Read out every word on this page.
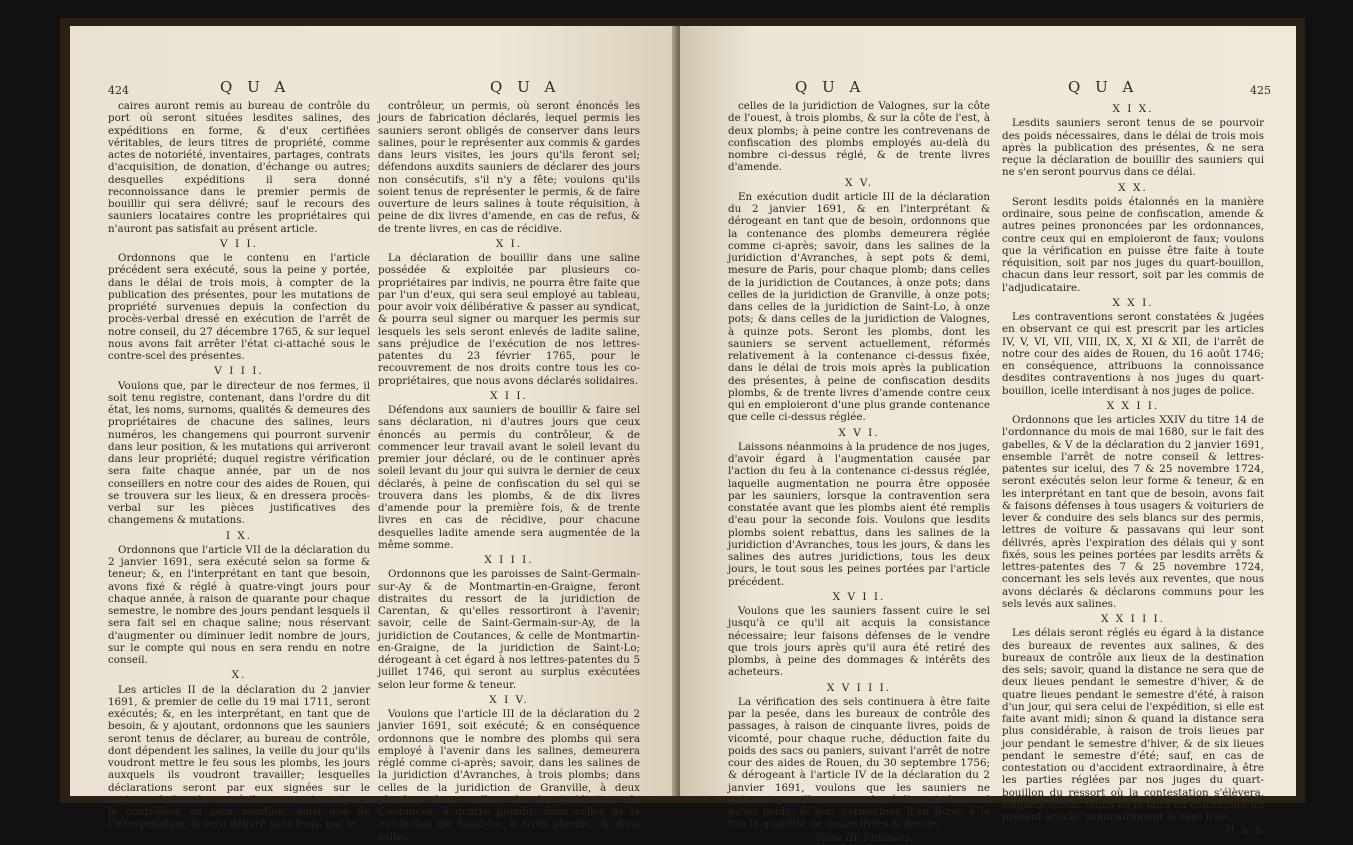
424	Q U A	Q U A

caires auront remis au bureau de contrôle du port où seront situées lesdites salines, des expéditions en forme, & d'eux certifiées véritables, de leurs titres de propriété, comme actes de notoriété, inventaires, partages, contrats d'acquisition, de donation, d'échange ou autres; desquelles expéditions il sera donné reconnoissance dans le premier permis de bouillir qui sera délivré; sauf le recours des sauniers locataires contre les propriétaires qui n'auront pas satisfait au présent article.

V I I.

Ordonnons que le contenu en l'article précédent sera exécuté, sous la peine y portée, dans le délai de trois mois, à compter de la publication des présentes, pour les mutations de propriété survenues depuis la confection du procès-verbal dressé en exécution de l'arrêt de notre conseil, du 27 décembre 1765, & sur lequel nous avons fait arrêter l'état ci-attaché sous le contre-scel des présentes.

V I I I.

Voulons que, par le directeur de nos fermes, il soit tenu registre, contenant, dans l'ordre du dit état, les noms, surnoms, qualités & demeures des propriétaires de chacune des salines, leurs numéros, les changemens qui pourront survenir dans leur position, & les mutations qui arriveront dans leur propriété; duquel registre vérification sera faite chaque année, par un de nos conseillers en notre cour des aides de Rouen, qui se trouvera sur les lieux, & en dressera procès-verbal sur les pièces justificatives des changemens & mutations.

I X.

Ordonnons que l'article VII de la déclaration du 2 janvier 1691, sera exécuté selon sa forme & teneur; &, en l'interprétant en tant que besoin, avons fixé & réglé à quatre-vingt jours pour chaque année, à raison de quarante pour chaque semestre, le nombre des jours pendant lesquels il sera fait sel en chaque saline; nous réservant d'augmenter ou diminuer ledit nombre de jours, sur le compte qui nous en sera rendu en notre conseil.

X.

Les articles II de la déclaration du 2 janvier 1691, & premier de celle du 19 mai 1711, seront exécutés; &, en les interprétant, en tant que de besoin, & y ajoutant, ordonnons que les sauniers seront tenus de déclarer, au bureau de contrôle, dont dépendent les salines, la veille du jour qu'ils voudront mettre le feu sous les plombs, les jours auxquels ils voudront travailler; lesquelles déclarations seront par eux signées sur le registre; & dans le cas où ils ne sauroient signer, le contrôleur en sera mention, ainsi que de l'interpellation; & sera délivré sans frais, par le

contrôleur, un permis, où seront énoncés les jours de fabrication déclarés, lequel permis les sauniers seront obligés de conserver dans leurs salines, pour le représenter aux commis & gardes dans leurs visites, les jours qu'ils feront sel; défendons auxdits sauniers de déclarer des jours non consécutifs, s'il n'y a fête; voulons qu'ils soient tenus de représenter le permis, & de faire ouverture de leurs salines à toute réquisition, à peine de dix livres d'amende, en cas de refus, & de trente livres, en cas de récidive.

X I.

La déclaration de bouillir dans une saline possédée & exploitée par plusieurs co-propriétaires par indivis, ne pourra être faite que par l'un d'eux, qui sera seul employé au tableau, pour avoir voix délibérative & passer au syndicat, & pourra seul signer ou marquer les permis sur lesquels les sels seront enlevés de ladite saline, sans préjudice de l'exécution de nos lettres-patentes du 23 février 1765, pour le recouvrement de nos droits contre tous les co-propriétaires, que nous avons déclarés solidaires.

X I I.

Défendons aux sauniers de bouillir & faire sel sans déclaration, ni d'autres jours que ceux énoncés au permis du contrôleur, & de commencer leur travail avant le soleil levant du premier jour déclaré, ou de le continuer après soleil levant du jour qui suivra le dernier de ceux déclarés, à peine de confiscation du sel qui se trouvera dans les plombs, & de dix livres d'amende pour la première fois, & de trente livres en cas de récidive, pour chacune desquelles ladite amende sera augmentée de la même somme.

X I I I.

Ordonnons que les paroisses de Saint-Germain-sur-Ay & de Montmartin-en-Graigne, feront distraites du ressort de la juridiction de Carentan, & qu'elles ressortiront à l'avenir; savoir, celle de Saint-Germain-sur-Ay, de la juridiction de Coutances, & celle de Montmartin-en-Graigne, de la juridiction de Saint-Lo; dérogeant à cet égard à nos lettres-patentes du 5 juillet 1746, qui seront au surplus exécutées selon leur forme & teneur.

X I V.

Voulons que l'article III de la déclaration du 2 janvier 1691, soit exécuté; & en conséquence ordonnons que le nombre des plombs qui sera employé à l'avenir dans les salines, demeurera réglé comme ci-après; savoir, dans les salines de la juridiction d'Avranches, à trois plombs; dans celles de la juridiction de Granville, à deux plombs; dans celles de la juridiction de Coutances, à quatre plombs; dans celles de la juridiction de Saint-Lo, à trois plombs; & dans celles

Q U A	Q U A	425

celles de la juridiction de Valognes, sur la côte de l'ouest, à trois plombs, & sur la côte de l'est, à deux plombs; à peine contre les contrevenans de confiscation des plombs employés au-delà du nombre ci-dessus réglé, & de trente livres d'amende.

X V.

En exécution dudit article III de la déclaration du 2 janvier 1691, & en l'interprétant & dérogeant en tant que de besoin, ordonnons que la contenance des plombs demeurera réglée comme ci-après; savoir, dans les salines de la juridiction d'Avranches, à sept pots & demi, mesure de Paris, pour chaque plomb; dans celles de la juridiction de Coutances, à onze pots; dans celles de la juridiction de Granville, à onze pots; dans celles de la juridiction de Saint-Lo, à onze pots; & dans celles de la juridiction de Valognes, à quinze pots. Seront les plombs, dont les sauniers se servent actuellement, réformés relativement à la contenance ci-dessus fixée, dans le délai de trois mois après la publication des présentes, à peine de confiscation desdits plombs, & de trente livres d'amende contre ceux qui en emploieront d'une plus grande contenance que celle ci-dessus réglée.

X V I.

Laissons néanmoins à la prudence de nos juges, d'avoir égard à l'augmentation causée par l'action du feu à la contenance ci-dessus réglée, laquelle augmentation ne pourra être opposée par les sauniers, lorsque la contravention sera constatée avant que les plombs aient été remplis d'eau pour la seconde fois. Voulons que lesdits plombs soient rebattus, dans les salines de la juridiction d'Avranches, tous les jours, & dans les salines des autres juridictions, tous les deux jours, le tout sous les peines portées par l'article précédent.

X V I I.

Voulons que les sauniers fassent cuire le sel jusqu'à ce qu'il ait acquis la consistance nécessaire; leur faisons défenses de le vendre que trois jours après qu'il aura été retiré des plombs, à peine des dommages & intérêts des acheteurs.

X V I I I.

La vérification des sels continuera à être faite par la pesée, dans les bureaux de contrôle des passages, à raison de cinquante livres, poids de vicomté, pour chaque ruche, déduction faite du poids des sacs ou paniers, suivant l'arrêt de notre cour des aides de Rouen, du 30 septembre 1756; & dérogeant à l'article IV de la déclaration du 2 janvier 1691, voulons que les sauniers ne puissent pareillement vendre à l'avenir leur sel qu'au poids, & leur permettons d'en livrer à la fois la quantité de douze livres & demie.

Tome III. Finances.

X I X.

Lesdits sauniers seront tenus de se pourvoir des poids nécessaires, dans le délai de trois mois après la publication des présentes, & ne sera reçue la déclaration de bouillir des sauniers qui ne s'en seront pourvus dans ce délai.

X X.

Seront lesdits poids étalonnés en la manière ordinaire, sous peine de confiscation, amende & autres peines prononcées par les ordonnances, contre ceux qui en emploieront de faux; voulons que la vérification en puisse être faite à toute réquisition, soit par nos juges du quart-bouillon, chacun dans leur ressort, soit par les commis de l'adjudicataire.

X X I.

Les contraventions seront constatées & jugées en observant ce qui est prescrit par les articles IV, V, VI, VII, VIII, IX, X, XI & XII, de l'arrêt de notre cour des aides de Rouen, du 16 août 1746; en conséquence, attribuons la connoissance desdites contraventions à nos juges du quart-bouillon, icelle interdisant à nos juges de police.

X X I I.

Ordonnons que les articles XXIV du titre 14 de l'ordonnance du mois de mai 1680, sur le fait des gabelles, & V de la déclaration du 2 janvier 1691, ensemble l'arrêt de notre conseil & lettres-patentes sur icelui, des 7 & 25 novembre 1724, seront exécutés selon leur forme & teneur, & en les interprétant en tant que de besoin, avons fait & faisons défenses à tous usagers & voituriers de lever & conduire des sels blancs sur des permis, lettres de voiture & passavans qui leur sont délivrés, après l'expiration des délais qui y sont fixés, sous les peines portées par lesdits arrêts & lettres-patentes des 7 & 25 novembre 1724, concernant les sels levés aux reventes, que nous avons déclarés & déclarons communs pour les sels levés aux salines.

X X I I I.

Les délais seront réglés eu égard à la distance des bureaux de reventes aux salines, & des bureaux de contrôle aux lieux de la destination des sels; savoir, quand la distance ne sera que de deux lieues pendant le semestre d'hiver, & de quatre lieues pendant le semestre d'été, à raison d'un jour, qui sera celui de l'expédition, si elle est faite avant midi; sinon & quand la distance sera plus considérable, à raison de trois lieues par jour pendant le semestre d'hiver, & de six lieues pendant le semestre d'été; sauf, en cas de contestation ou d'accident extraordinaire, à être les parties réglées par nos juges du quart-bouillon du ressort où la contestation s'élèvera, lesquels seront tenus de le faire en conformité du présent article, sommairement & sans frais.

H h h
